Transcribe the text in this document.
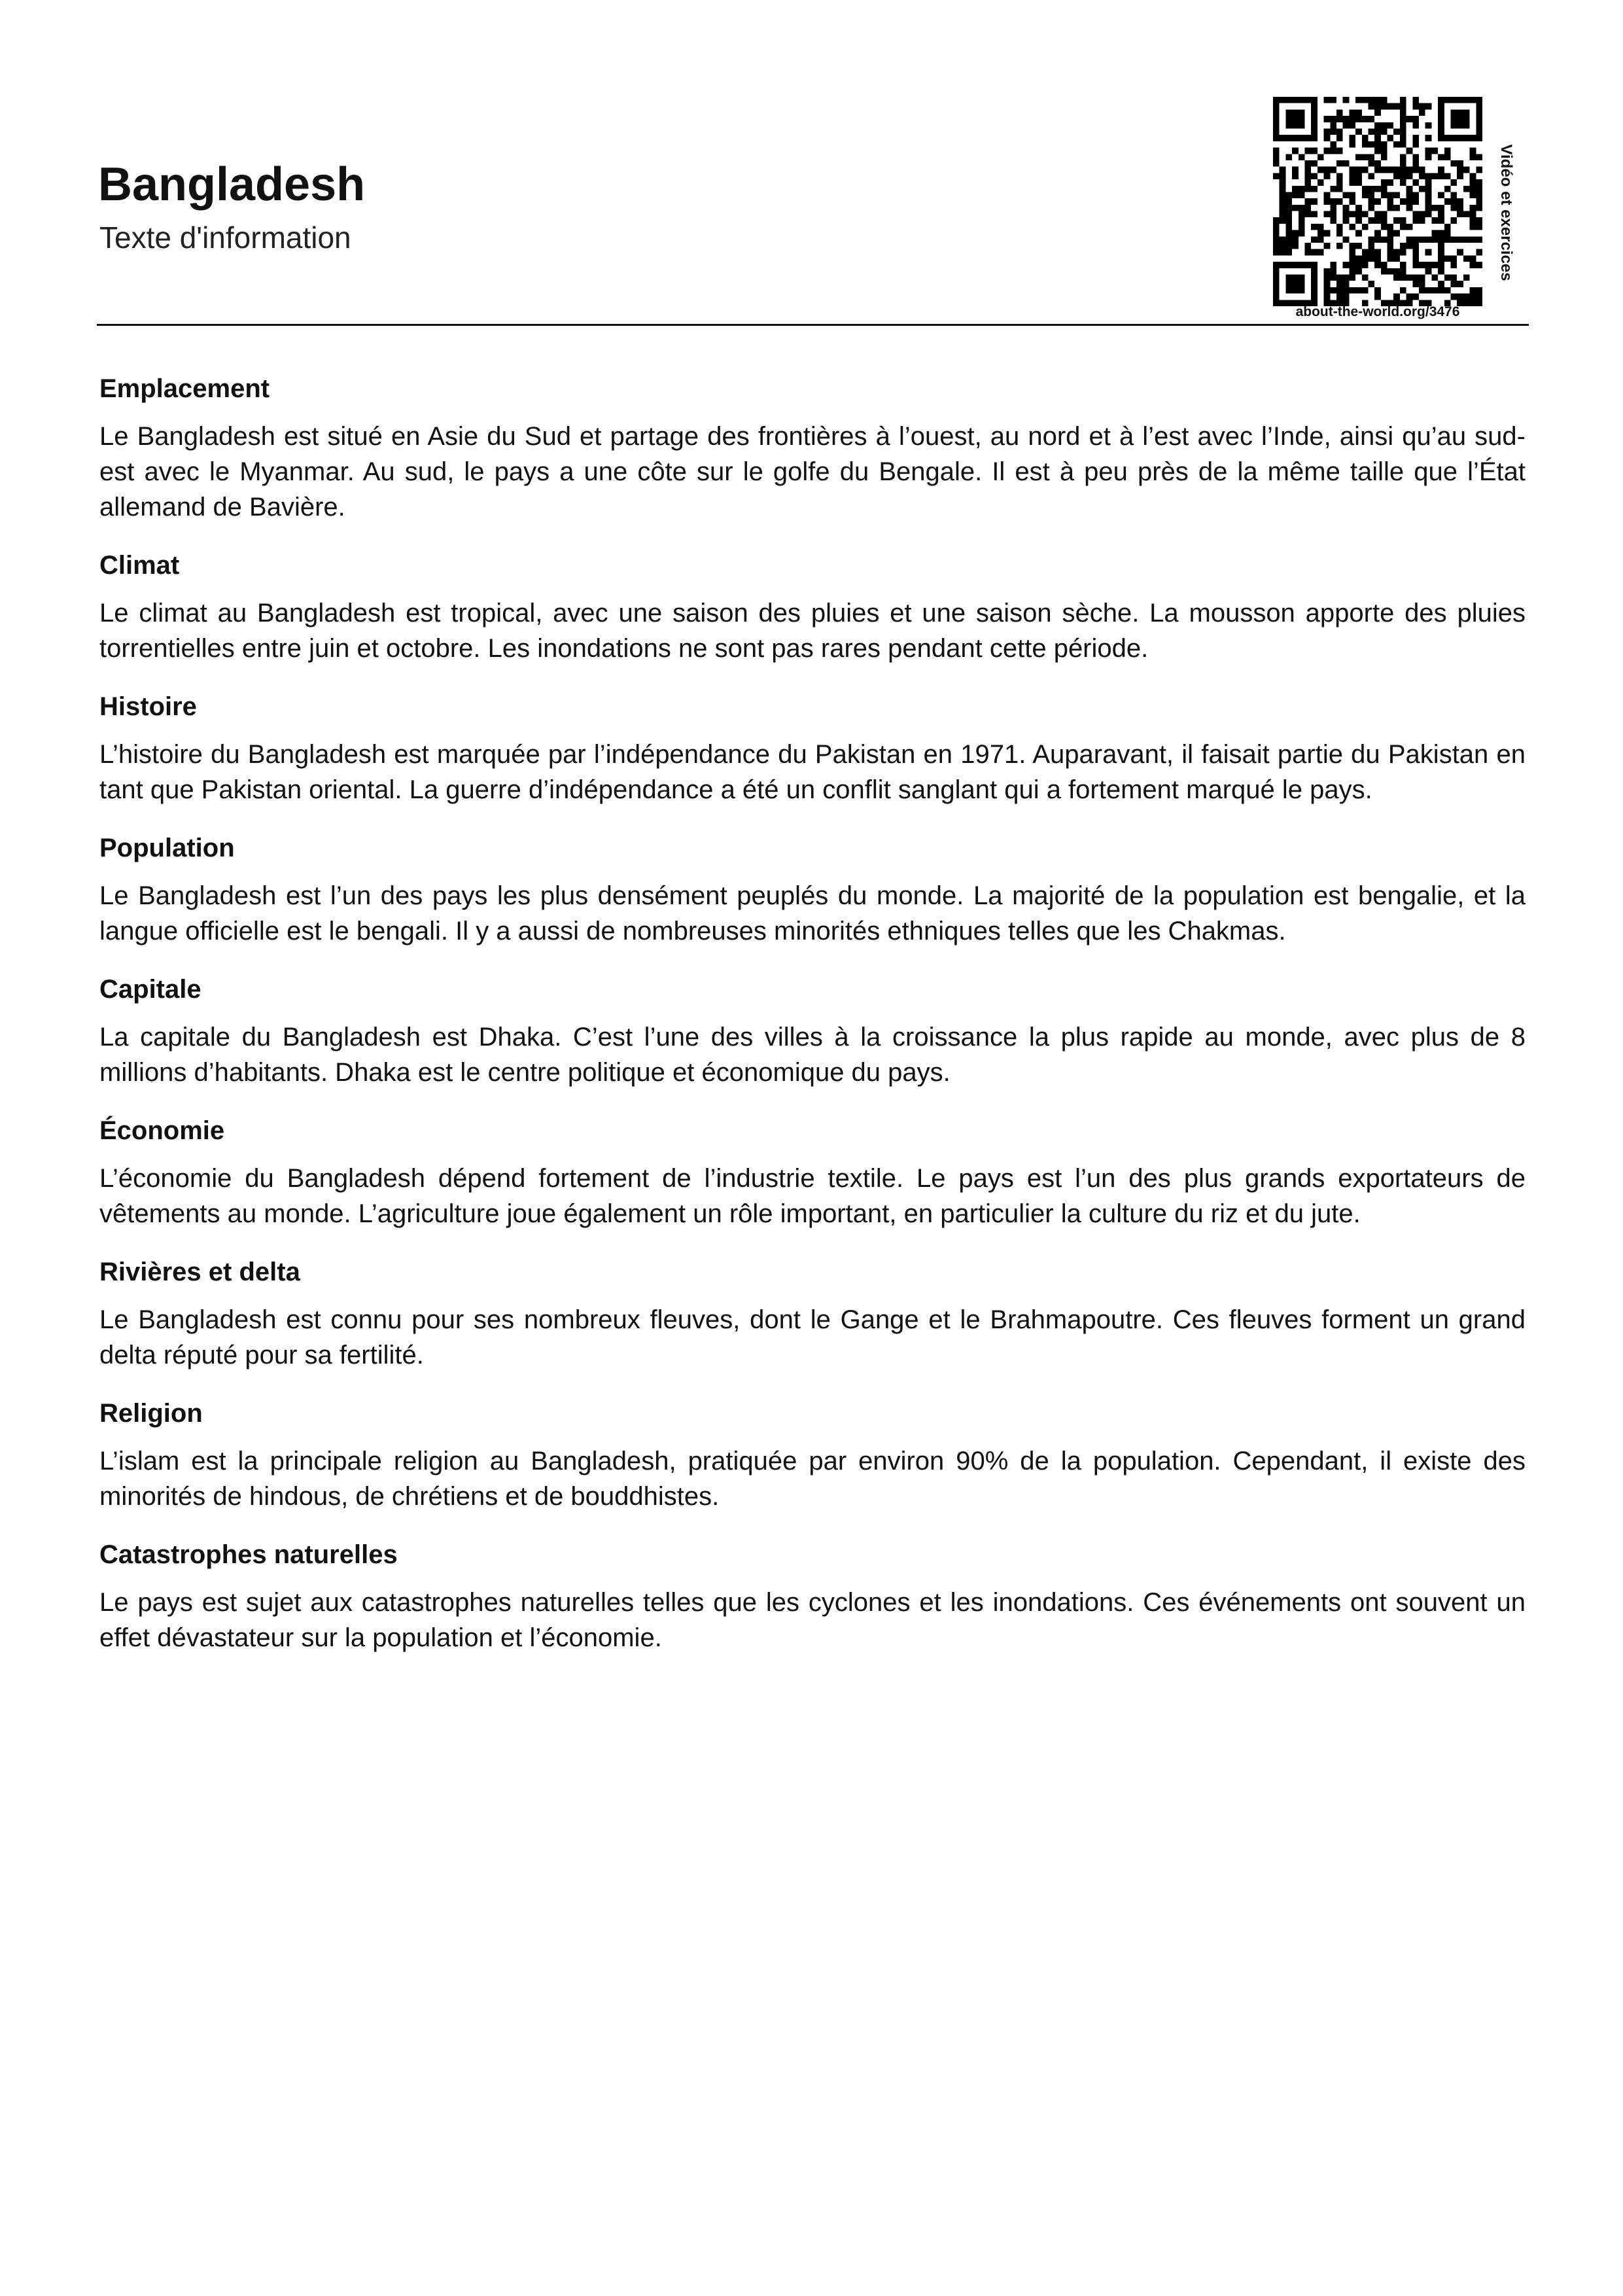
Bangladesh
Texte d'information
about-the-world.org/3476
Vidéo et exercices
Emplacement

Le Bangladesh est situé en Asie du Sud et partage des frontières à l’ouest, au nord et à l’est avec l’Inde, ainsi qu’au sud-est avec le Myanmar. Au sud, le pays a une côte sur le golfe du Bengale. Il est à peu près de la même taille que l’État allemand de Bavière.

Climat

Le climat au Bangladesh est tropical, avec une saison des pluies et une saison sèche. La mousson apporte des pluies torrentielles entre juin et octobre. Les inondations ne sont pas rares pendant cette période.

Histoire

L’histoire du Bangladesh est marquée par l’indépendance du Pakistan en 1971. Auparavant, il faisait partie du Pakistan en tant que Pakistan oriental. La guerre d’indépendance a été un conflit sanglant qui a fortement marqué le pays.

Population

Le Bangladesh est l’un des pays les plus densément peuplés du monde. La majorité de la population est bengalie, et la langue officielle est le bengali. Il y a aussi de nombreuses minorités ethniques telles que les Chakmas.

Capitale

La capitale du Bangladesh est Dhaka. C’est l’une des villes à la croissance la plus rapide au monde, avec plus de 8 millions d’habitants. Dhaka est le centre politique et économique du pays.

Économie

L’économie du Bangladesh dépend fortement de l’industrie textile. Le pays est l’un des plus grands exportateurs de vêtements au monde. L’agriculture joue également un rôle important, en particulier la culture du riz et du jute.

Rivières et delta

Le Bangladesh est connu pour ses nombreux fleuves, dont le Gange et le Brahmapoutre. Ces fleuves forment un grand delta réputé pour sa fertilité.

Religion

L’islam est la principale religion au Bangladesh, pratiquée par environ 90% de la population. Cependant, il existe des minorités de hindous, de chrétiens et de bouddhistes.

Catastrophes naturelles

Le pays est sujet aux catastrophes naturelles telles que les cyclones et les inondations. Ces événements ont souvent un effet dévastateur sur la population et l’économie.
